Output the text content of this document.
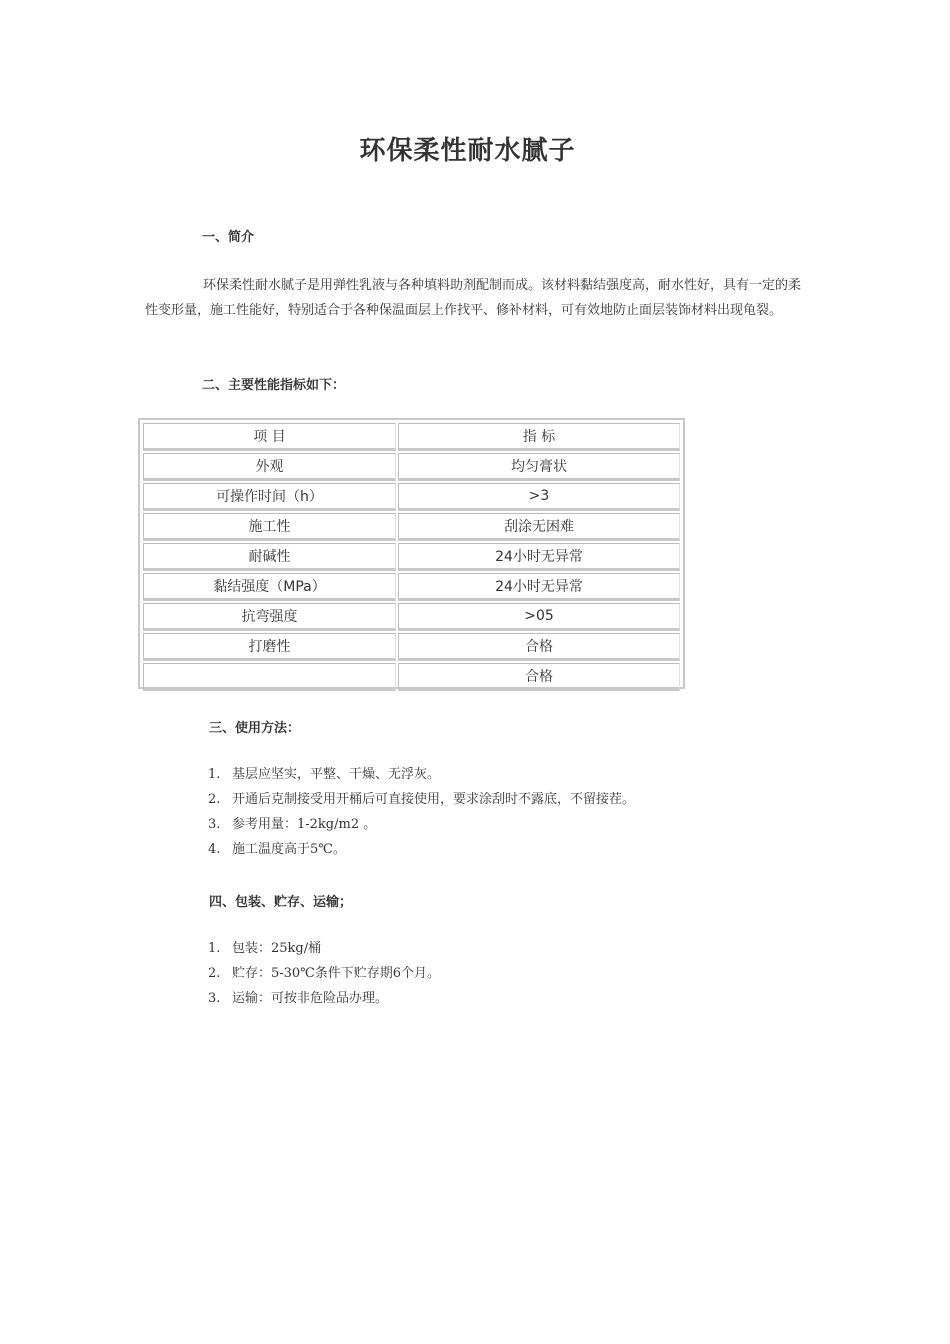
环保柔性耐水腻子
一、简介

环保柔性耐水腻子是用弹性乳液与各种填料助剂配制而成。该材料黏结强度高，耐水性好，具有一定的柔性变形量，施工性能好，特别适合于各种保温面层上作找平、修补材料，可有效地防止面层装饰材料出现龟裂。

二、主要性能指标如下：
项 目	指 标
外观	均匀膏状
可操作时间（h）	>3
施工性	刮涂无困难
耐碱性	24小时无异常
黏结强度（MPa）	24小时无异常
抗弯强度	>05
打磨性	合格
	合格
三、使用方法：
1. 基层应坚实，平整、干燥、无浮灰。
2. 开通后克制接受用开桶后可直接使用，要求涂刮时不露底，不留接茬。
3. 参考用量：1-2kg/m2 。
4. 施工温度高于5℃。
四、包装、贮存、运输；
1. 包装：25kg/桶
2. 贮存：5-30℃条件下贮存期6个月。
3. 运输：可按非危险品办理。
